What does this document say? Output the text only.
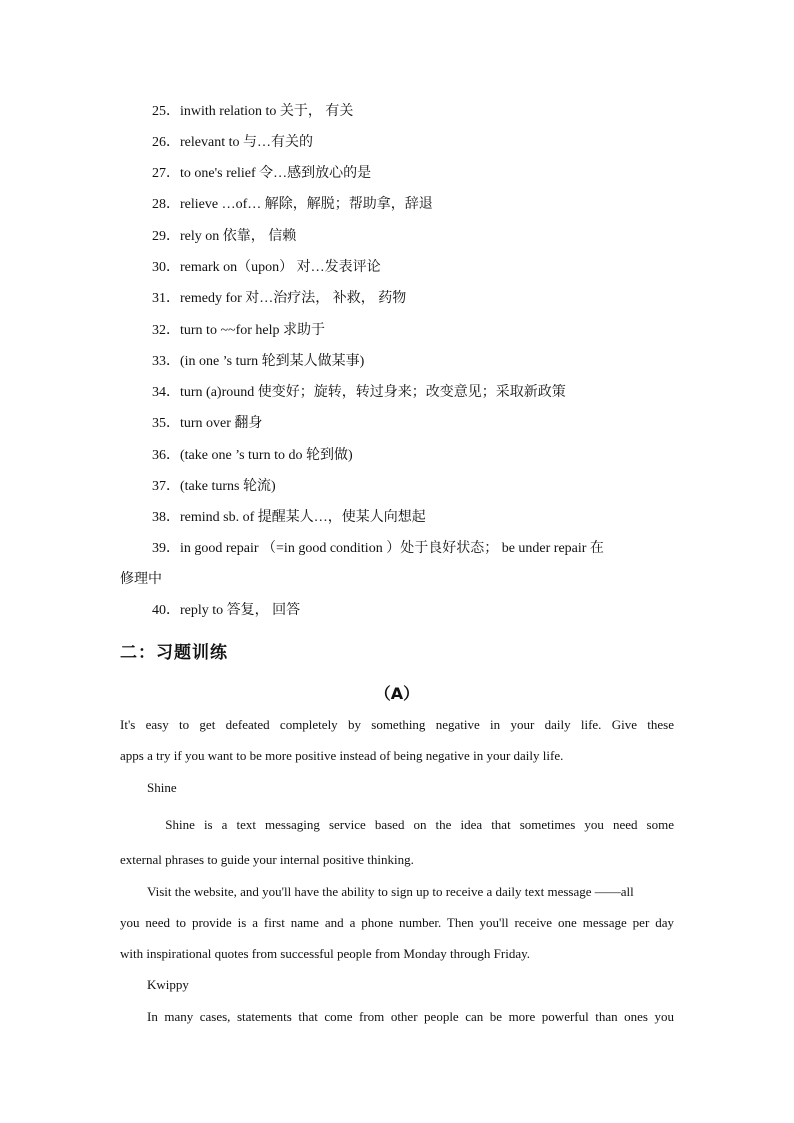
25．inwith relation to 关于， 有关
26．relevant to 与…有关的
27．to one's relief 令…感到放心的是
28．relieve …of… 解除，解脱；帮助拿，辞退
29．rely on 依靠， 信赖
30．remark on（upon） 对…发表评论
31．remedy for 对…治疗法， 补救， 药物
32．turn to ~~for help 求助于
33．(in one ’s turn 轮到某人做某事)
34．turn (a)round 使变好；旋转，转过身来；改变意见；采取新政策
35．turn over 翻身
36．(take one ’s turn to do 轮到做)
37．(take turns 轮流)
38．remind sb. of 提醒某人…，使某人向想起
39．in good repair （=in good condition ）处于良好状态； be under repair 在
修理中
40．reply to 答复， 回答
二：习题训练
（A）
It's easy to get defeated completely by something negative in your daily life. Give these
apps a try if you want to be more positive instead of being negative in your daily life.
Shine
Shine is a text messaging service based on the idea that sometimes you need some
external phrases to guide your internal positive thinking.
Visit the website, and you'll have the ability to sign up to receive a daily text message ——all
you need to provide is a first name and a phone number. Then you'll receive one message per day
with inspirational quotes from successful people from Monday through Friday.
Kwippy
In many cases, statements that come from other people can be more powerful than ones you
